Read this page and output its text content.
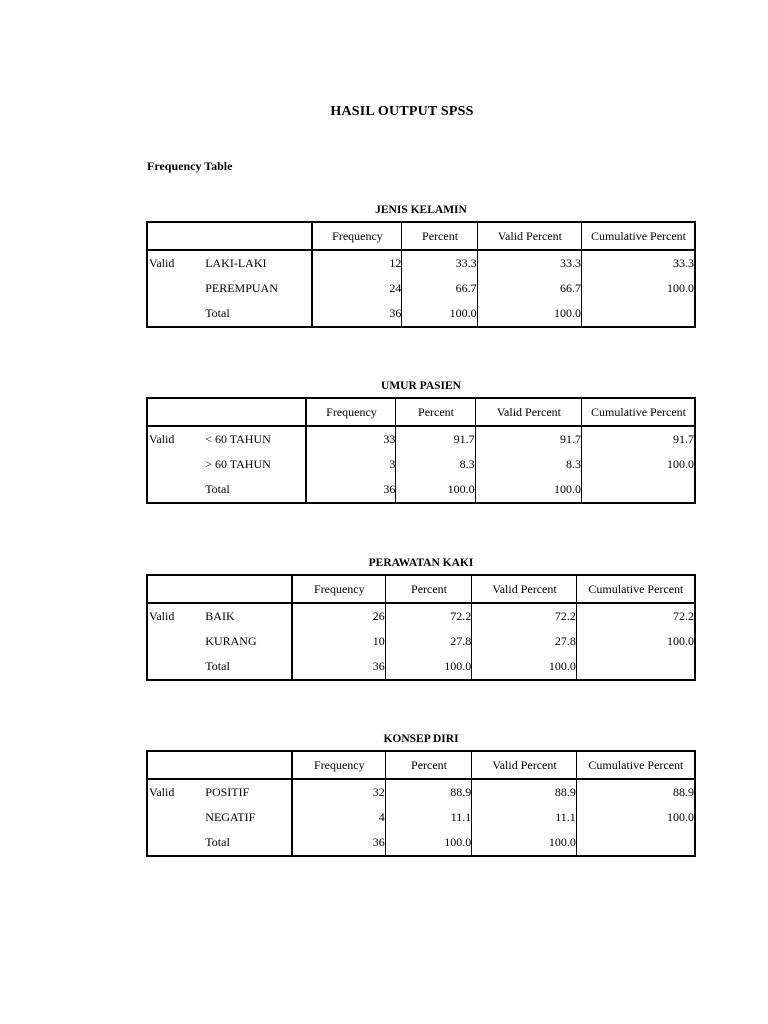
HASIL OUTPUT SPSS
Frequency Table
JENIS KELAMIN
		Frequency	Percent	Valid Percent	Cumulative Percent
Valid	LAKI-LAKI	12	33.3	33.3	33.3
	PEREMPUAN	24	66.7	66.7	100.0
	Total	36	100.0	100.0	
UMUR PASIEN
		Frequency	Percent	Valid Percent	Cumulative Percent
Valid	< 60 TAHUN	33	91.7	91.7	91.7
	> 60 TAHUN	3	8.3	8.3	100.0
	Total	36	100.0	100.0	
PERAWATAN KAKI
		Frequency	Percent	Valid Percent	Cumulative Percent
Valid	BAIK	26	72.2	72.2	72.2
	KURANG	10	27.8	27.8	100.0
	Total	36	100.0	100.0	
KONSEP DIRI
		Frequency	Percent	Valid Percent	Cumulative Percent
Valid	POSITIF	32	88.9	88.9	88.9
	NEGATIF	4	11.1	11.1	100.0
	Total	36	100.0	100.0	
